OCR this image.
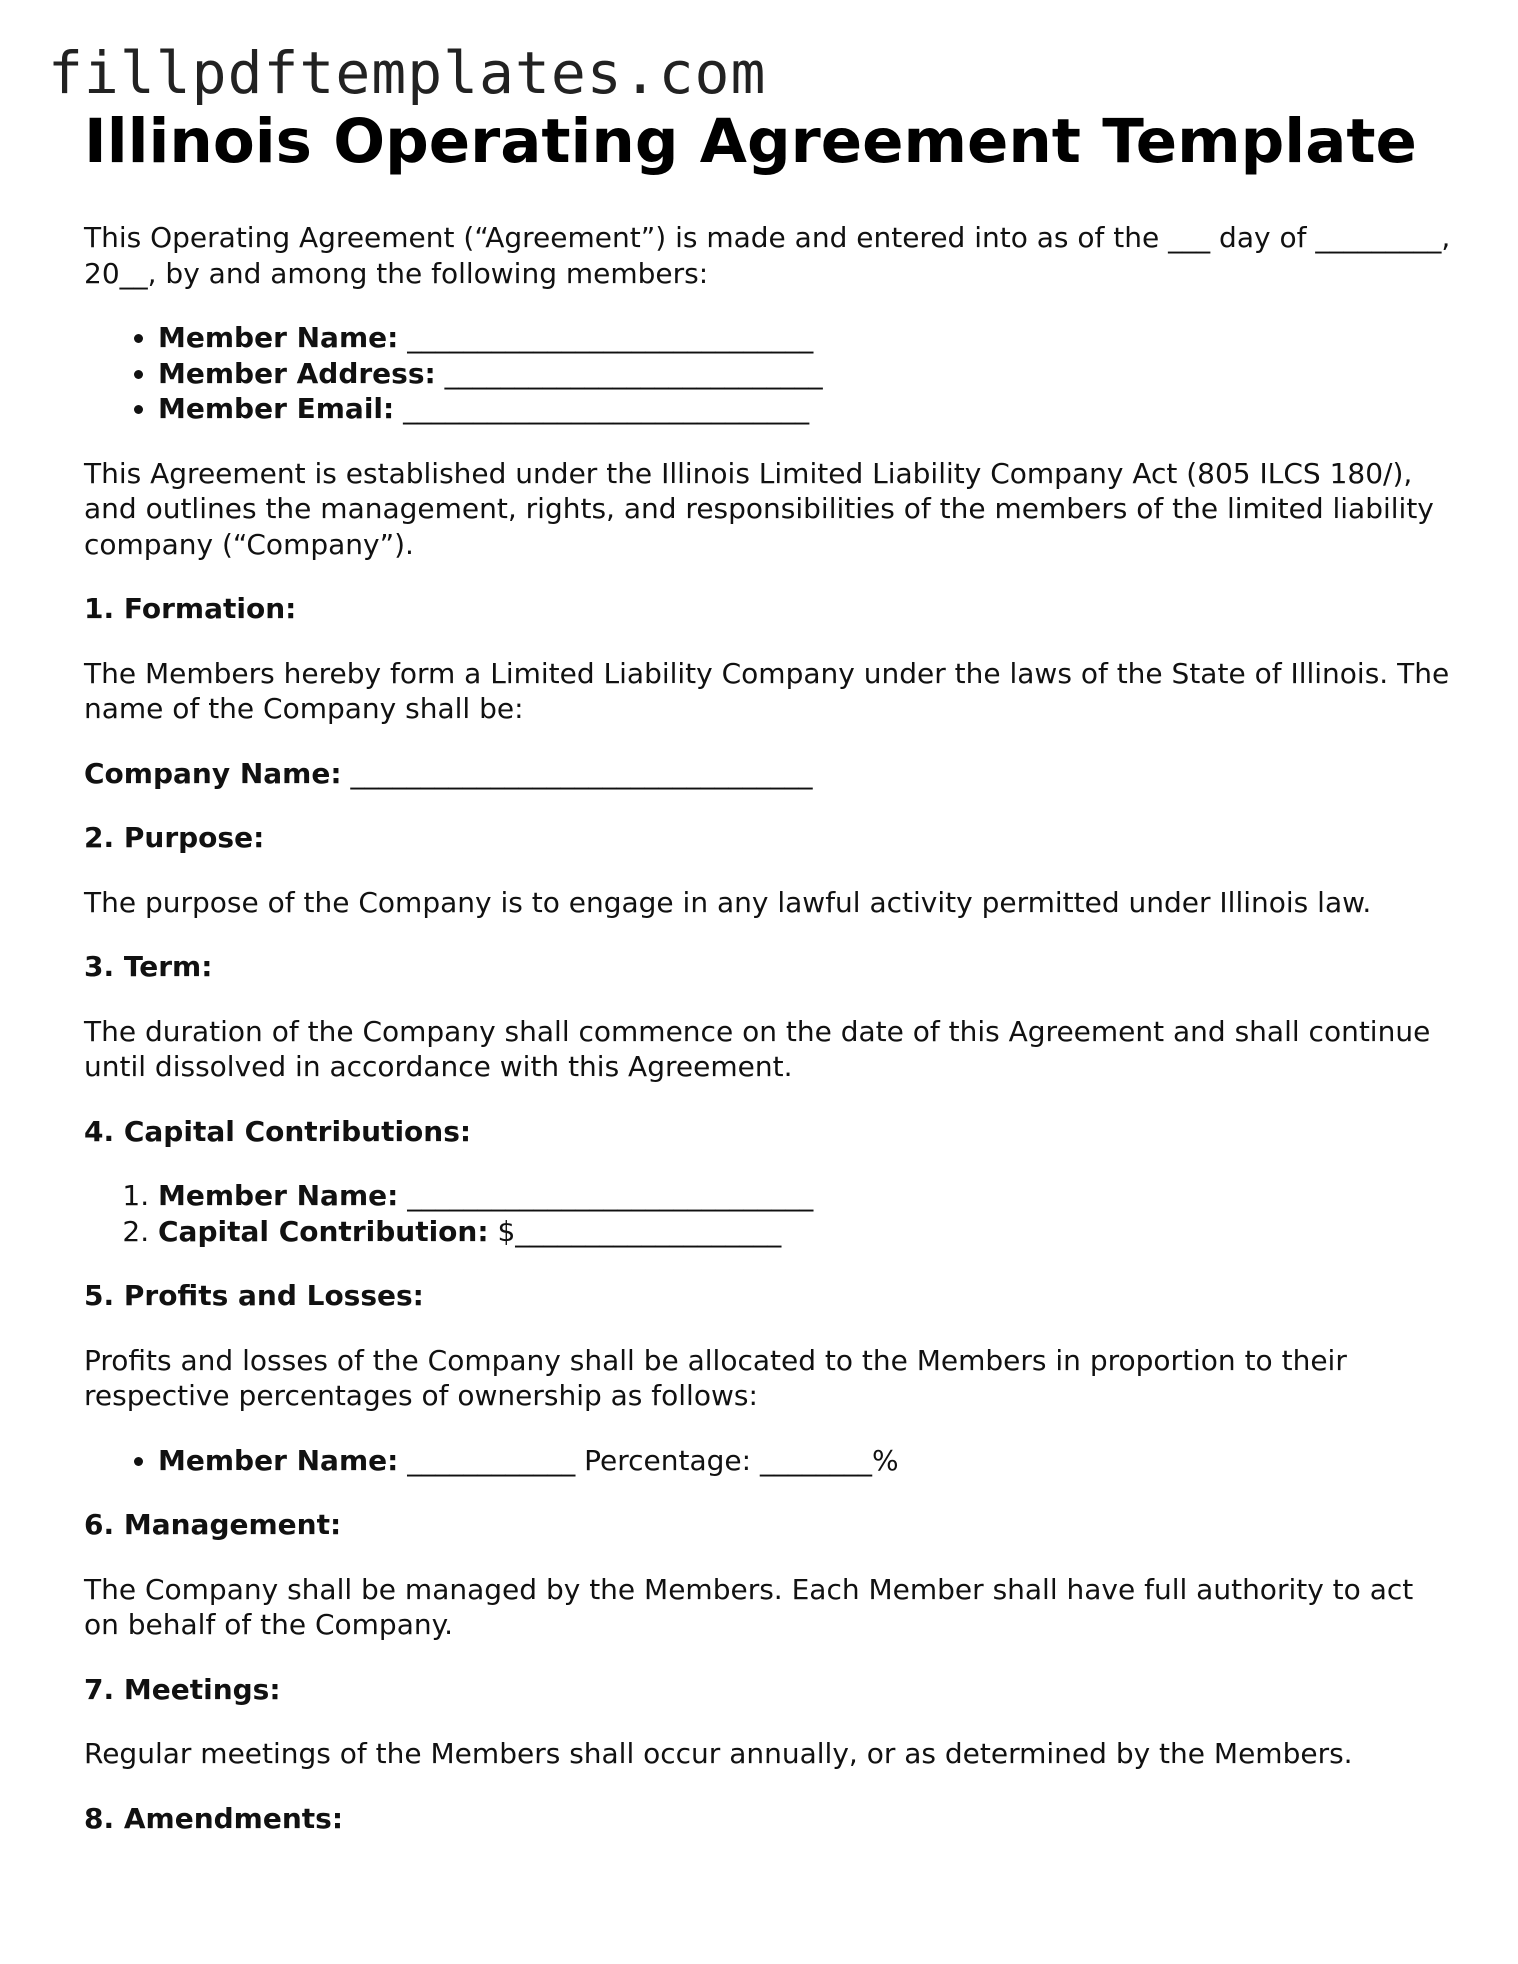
fillpdftemplates.com
Illinois Operating Agreement Template

This Operating Agreement (“Agreement”) is made and entered into as of the ___ day of _________, 20__, by and among the following members:

• Member Name: _____________________________
• Member Address: ___________________________
• Member Email: _____________________________

This Agreement is established under the Illinois Limited Liability Company Act (805 ILCS 180/), and outlines the management, rights, and responsibilities of the members of the limited liability company (“Company”).

1. Formation:

The Members hereby form a Limited Liability Company under the laws of the State of Illinois. The name of the Company shall be:

Company Name: _________________________________

2. Purpose:

The purpose of the Company is to engage in any lawful activity permitted under Illinois law.

3. Term:

The duration of the Company shall commence on the date of this Agreement and shall continue until dissolved in accordance with this Agreement.

4. Capital Contributions:

1. Member Name: _____________________________
2. Capital Contribution: $___________________

5. Profits and Losses:

Profits and losses of the Company shall be allocated to the Members in proportion to their respective percentages of ownership as follows:

• Member Name: ____________ Percentage: ________%

6. Management:

The Company shall be managed by the Members. Each Member shall have full authority to act on behalf of the Company.

7. Meetings:

Regular meetings of the Members shall occur annually, or as determined by the Members.

8. Amendments:
